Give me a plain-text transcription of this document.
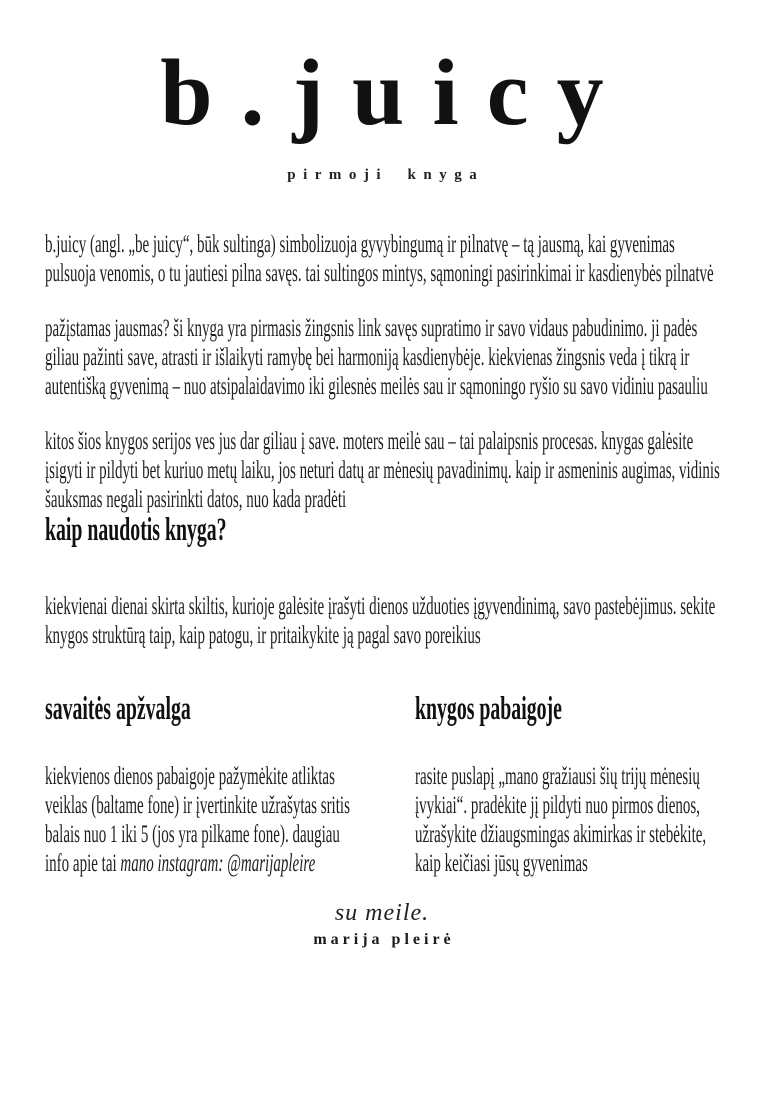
b.juicy
pirmoji knyga

b.juicy (angl. „be juicy“, būk sultinga) simbolizuoja gyvybingumą ir pilnatvę – tą jausmą, kai gyvenimas pulsuoja venomis, o tu jautiesi pilna savęs. tai sultingos mintys, sąmoningi pasirinkimai ir kasdienybės pilnatvė

pažįstamas jausmas? ši knyga yra pirmasis žingsnis link savęs supratimo ir savo vidaus pabudinimo. ji padės giliau pažinti save, atrasti ir išlaikyti ramybę bei harmoniją kasdienybėje. kiekvienas žingsnis veda į tikrą ir autentišką gyvenimą – nuo atsipalaidavimo iki gilesnės meilės sau ir sąmoningo ryšio su savo vidiniu pasauliu

kitos šios knygos serijos ves jus dar giliau į save. moters meilė sau – tai palaipsnis procesas. knygas galėsite įsigyti ir pildyti bet kuriuo metų laiku, jos neturi datų ar mėnesių pavadinimų. kaip ir asmeninis augimas, vidinis šauksmas negali pasirinkti datos, nuo kada pradėti

kaip naudotis knyga?

kiekvienai dienai skirta skiltis, kurioje galėsite įrašyti dienos užduoties įgyvendinimą, savo pastebėjimus. sekite knygos struktūrą taip, kaip patogu, ir pritaikykite ją pagal savo poreikius

savaitės apžvalga

kiekvienos dienos pabaigoje pažymėkite atliktas veiklas (baltame fone) ir įvertinkite užrašytas sritis balais nuo 1 iki 5 (jos yra pilkame fone). daugiau info apie tai mano instagram: @marijapleire

knygos pabaigoje

rasite puslapį „mano gražiausi šių trijų mėnesių įvykiai“. pradėkite jį pildyti nuo pirmos dienos, užrašykite džiaugsmingas akimirkas ir stebėkite, kaip keičiasi jūsų gyvenimas

su meile.
marija pleirė
